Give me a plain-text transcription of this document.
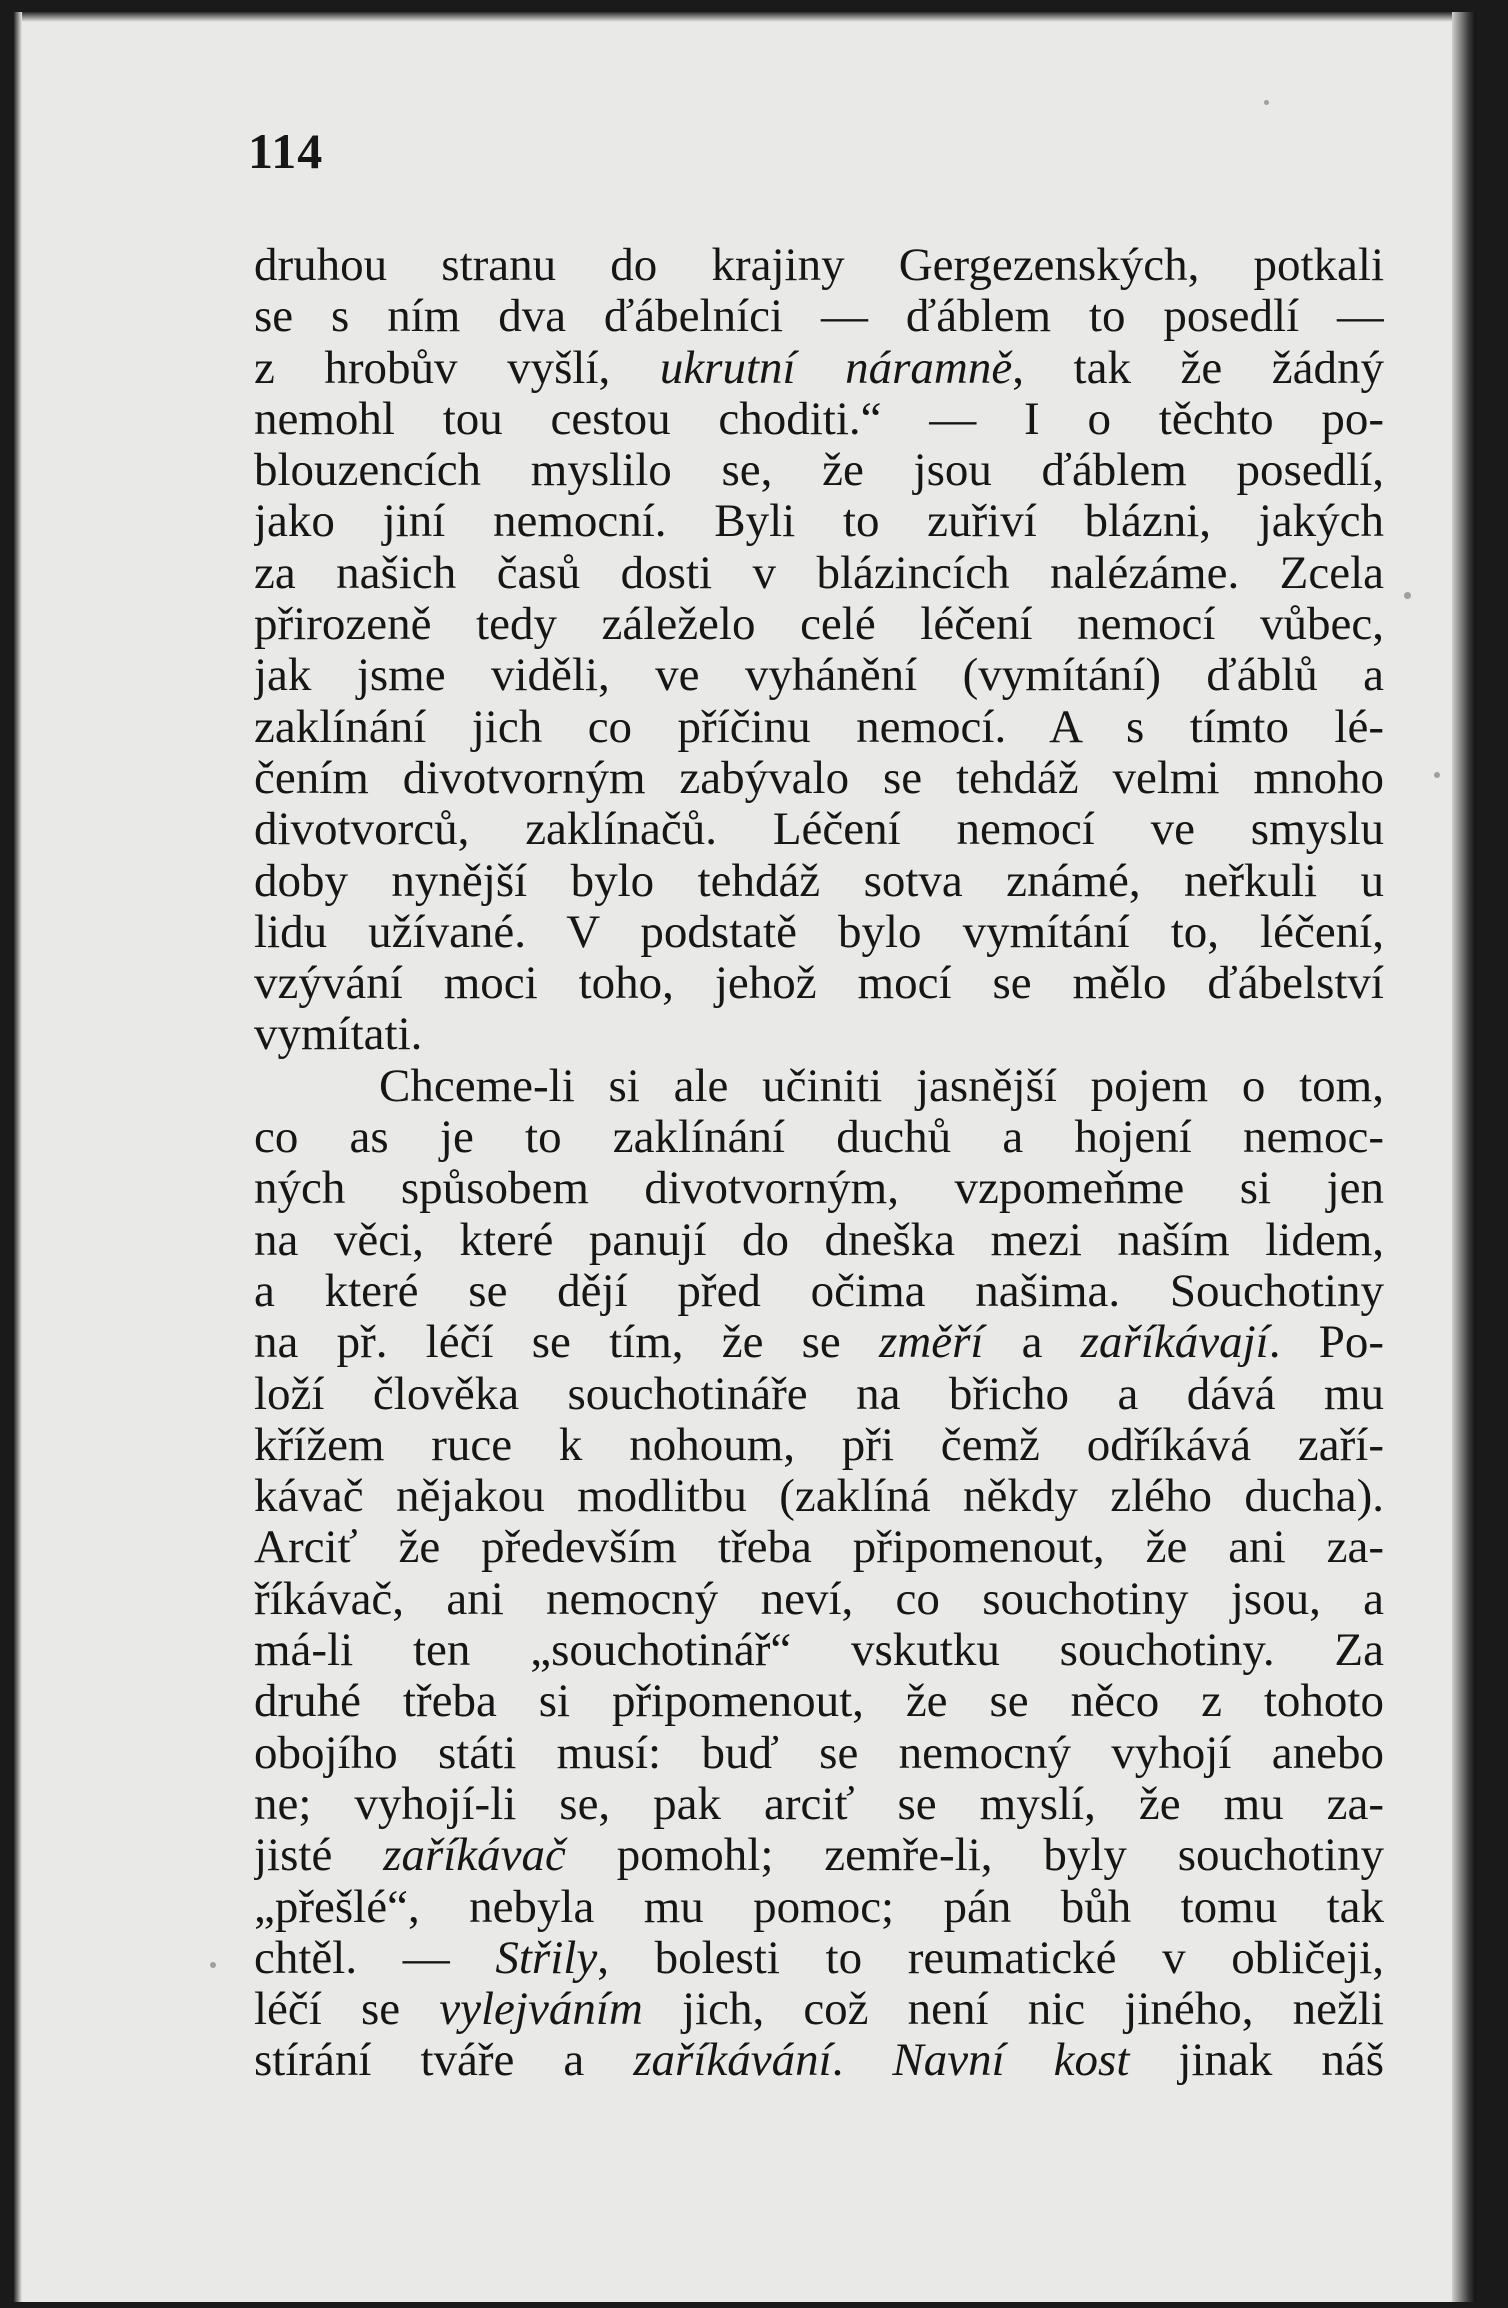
114

druhou stranu do krajiny Gergezenských, potkali
se s ním dva ďábelníci — ďáblem to posedlí —
z hrobův vyšlí, ukrutní náramně, tak že žádný
nemohl tou cestou choditi.“ — I o těchto po-
blouzencích myslilo se, že jsou ďáblem posedlí,
jako jiní nemocní. Byli to zuřiví blázni, jakých
za našich časů dosti v blázincích nalézáme. Zcela
přirozeně tedy záleželo celé léčení nemocí vůbec,
jak jsme viděli, ve vyhánění (vymítání) ďáblů a
zaklínání jich co příčinu nemocí. A s tímto lé-
čením divotvorným zabývalo se tehdáž velmi mnoho
divotvorců, zaklínačů. Léčení nemocí ve smyslu
doby nynější bylo tehdáž sotva známé, neřkuli u
lidu užívané. V podstatě bylo vymítání to, léčení,
vzývání moci toho, jehož mocí se mělo ďábelství
vymítati.
Chceme-li si ale učiniti jasnější pojem o tom,
co as je to zaklínání duchů a hojení nemoc-
ných spůsobem divotvorným, vzpomeňme si jen
na věci, které panují do dneška mezi naším lidem,
a které se dějí před očima našima. Souchotiny
na př. léčí se tím, že se změří a zaříkávají. Po-
loží člověka souchotináře na břicho a dává mu
křížem ruce k nohoum, při čemž odříkává zaří-
kávač nějakou modlitbu (zaklíná někdy zlého ducha).
Arciť že především třeba připomenout, že ani za-
říkávač, ani nemocný neví, co souchotiny jsou, a
má-li ten „souchotinář“ vskutku souchotiny. Za
druhé třeba si připomenout, že se něco z tohoto
obojího státi musí: buď se nemocný vyhojí anebo
ne; vyhojí-li se, pak arciť se myslí, že mu za-
jisté zaříkávač pomohl; zemře-li, byly souchotiny
„přešlé“, nebyla mu pomoc; pán bůh tomu tak
chtěl. — Střily, bolesti to reumatické v obličeji,
léčí se vylejváním jich, což není nic jiného, nežli
stírání tváře a zaříkávání. Navní kost jinak náš
